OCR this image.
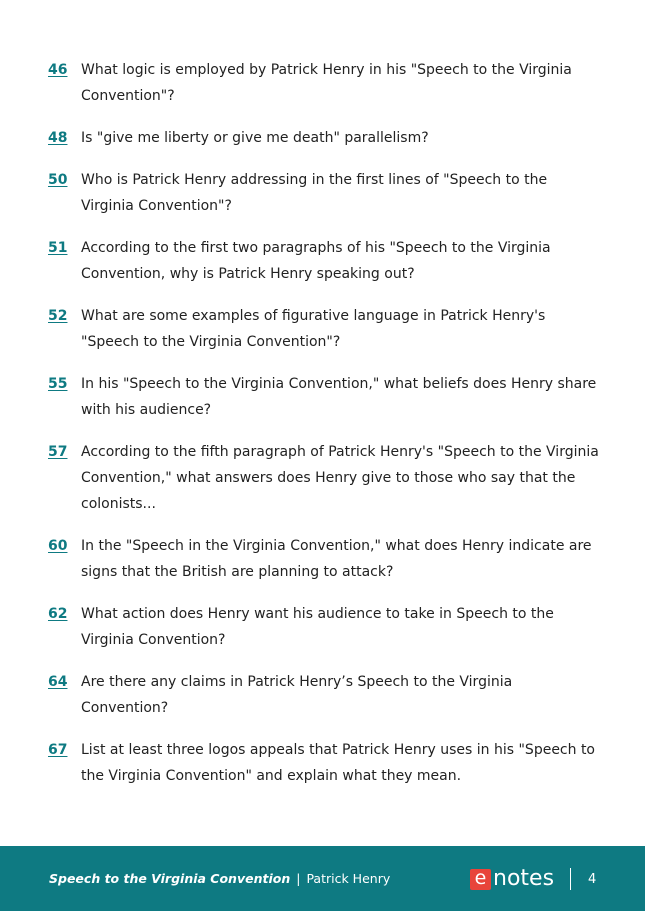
46 What logic is employed by Patrick Henry in his "Speech to the Virginia Convention"?
48 Is "give me liberty or give me death" parallelism?
50 Who is Patrick Henry addressing in the first lines of "Speech to the Virginia Convention"?
51 According to the first two paragraphs of his "Speech to the Virginia Convention, why is Patrick Henry speaking out?
52 What are some examples of figurative language in Patrick Henry's "Speech to the Virginia Convention"?
55 In his "Speech to the Virginia Convention," what beliefs does Henry share with his audience?
57 According to the fifth paragraph of Patrick Henry's "Speech to the Virginia Convention," what answers does Henry give to those who say that the colonists...
60 In the "Speech in the Virginia Convention," what does Henry indicate are signs that the British are planning to attack?
62 What action does Henry want his audience to take in Speech to the Virginia Convention?
64 Are there any claims in Patrick Henry’s Speech to the Virginia Convention?
67 List at least three logos appeals that Patrick Henry uses in his "Speech to the Virginia Convention" and explain what they mean.
Speech to the Virginia Convention | Patrick Henry	e notes	4
